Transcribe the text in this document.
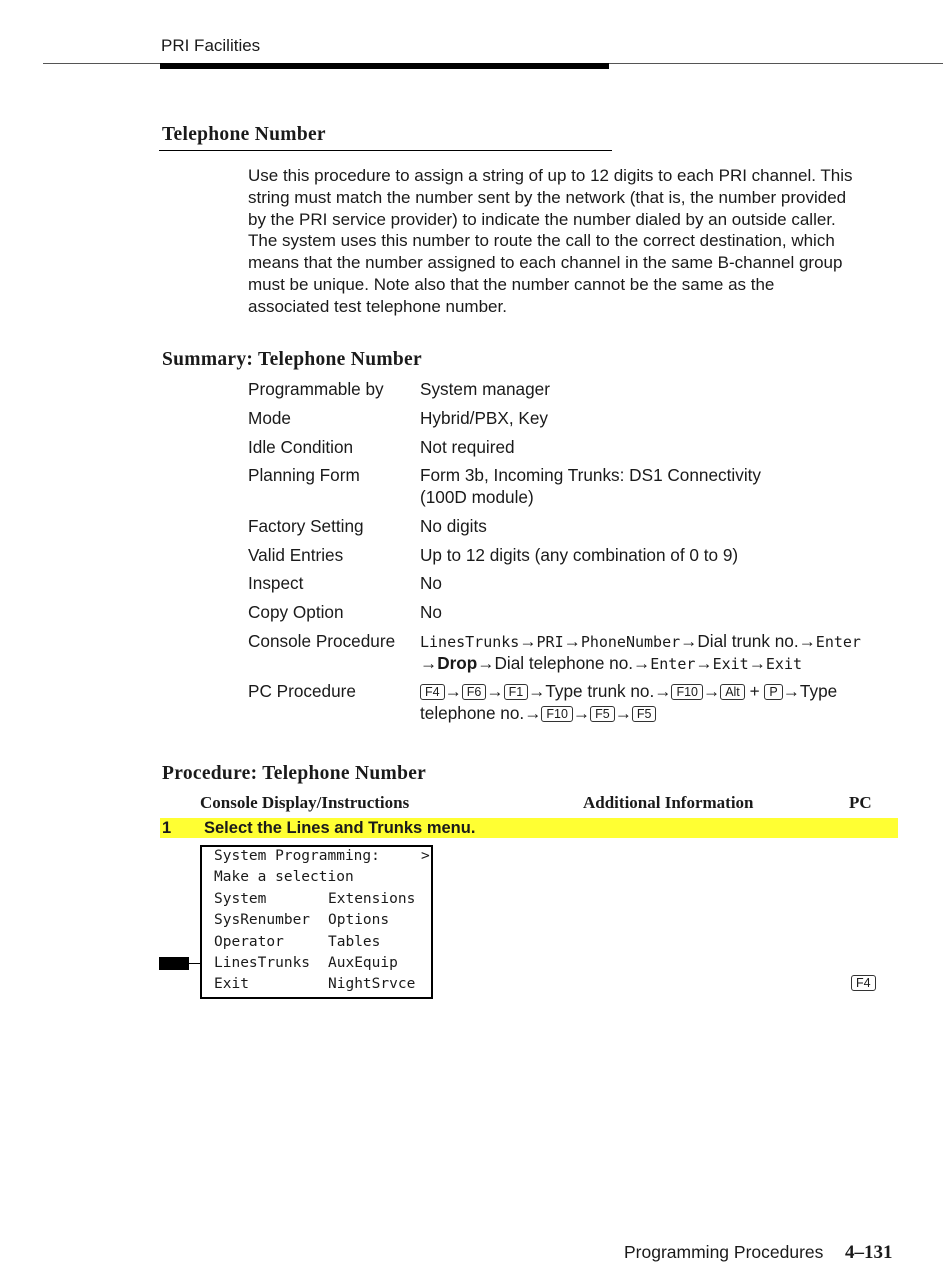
PRI Facilities
Telephone Number

Use this procedure to assign a string of up to 12 digits to each PRI channel. This

string must match the number sent by the network (that is, the number provided

by the PRI service provider) to indicate the number dialed by an outside caller.

The system uses this number to route the call to the correct destination, which

means that the number assigned to each channel in the same B-channel group

must be unique. Note also that the number cannot be the same as the

associated test telephone number.

Summary: Telephone Number
Programmable by System manager
Mode	Hybrid/PBX, Key
Idle Condition	Not required
Planning Form	Form 3b, Incoming Trunks: DS1 Connectivity
(100D module)
Factory Setting	No digits
Valid Entries	Up to 12 digits (any combination of 0 to 9)
Inspect	No
Copy Option	No
Console Procedure LinesTrunks→PRI→PhoneNumber→Dial trunk no.→Enter
→Drop→Dial telephone no.→Enter→Exit→Exit
PC Procedure	F4 → F6 → F1 →Type trunk no.→ F10 → Alt + P →Type
telephone no.→ F10 → F5 → F5
Procedure: Telephone Number
Console Display/Instructions	Additional Information	PC
1 Select the Lines and Trunks menu.
System Programming:	>
Make a selection
System	Extensions
SysRenumber Options
Operator	Tables
LinesTrunks AuxEquip
Exit	NightSrvce	F4
Programming Procedures 4–131
